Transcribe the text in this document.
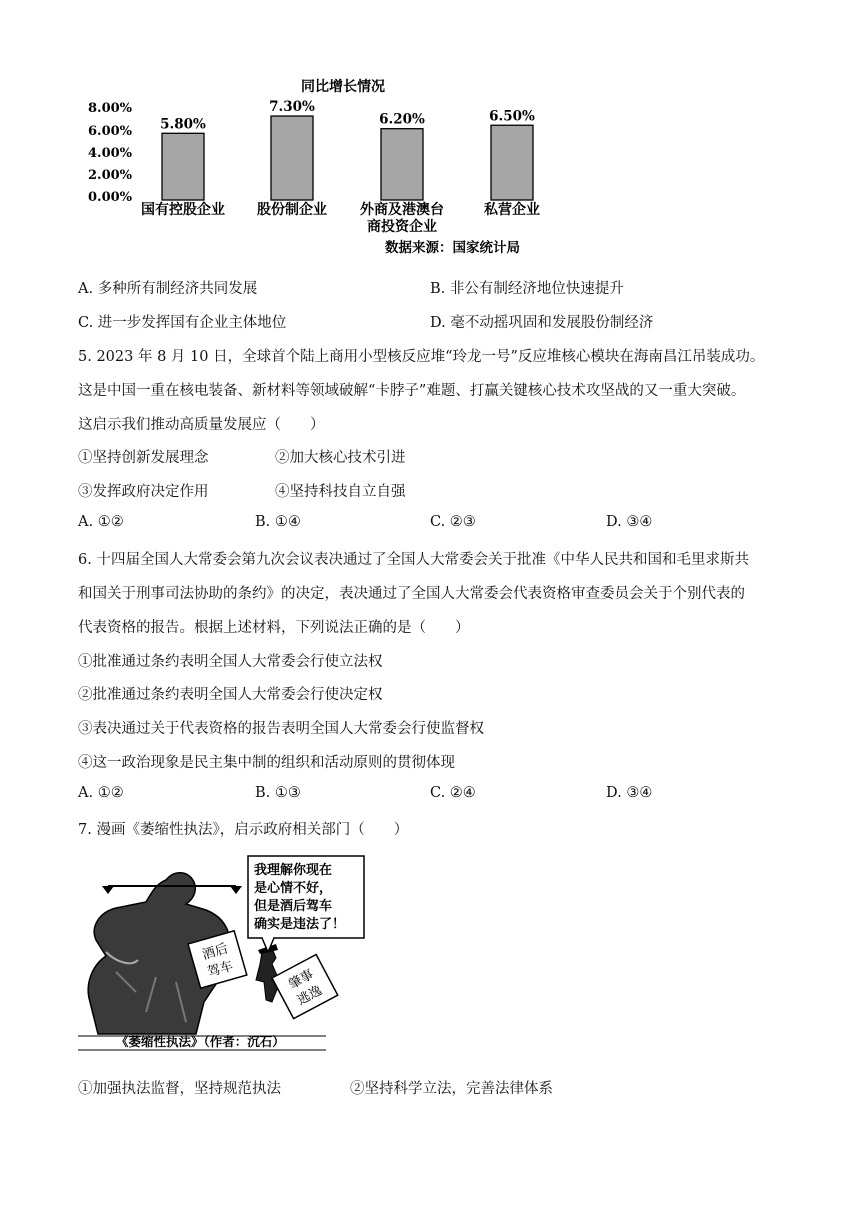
同比增长情况
8.00%
6.00%
4.00%
2.00%
0.00%
5.80%
7.30%
6.20%	6.50%
国有控股企业 股份制企业 外商及港澳台
商投资企业
私营企业
数据来源：国家统计局
A. 多种所有制经济共同发展	B. 非公有制经济地位快速提升
C. 进一步发挥国有企业主体地位	D. 毫不动摇巩固和发展股份制经济
5. 2023 年 8 月 10 日，全球首个陆上商用小型核反应堆“玲龙一号”反应堆核心模块在海南昌江吊装成功。
这是中国一重在核电装备、新材料等领域破解“卡脖子”难题、打赢关键核心技术攻坚战的又一重大突破。
这启示我们推动高质量发展应（　　）
①坚持创新发展理念	②加大核心技术引进
③发挥政府决定作用	④坚持科技自立自强
A. ①②	B. ①④	C. ②③	D. ③④
6. 十四届全国人大常委会第九次会议表决通过了全国人大常委会关于批准《中华人民共和国和毛里求斯共
和国关于刑事司法协助的条约》的决定，表决通过了全国人大常委会代表资格审查委员会关于个别代表的
代表资格的报告。根据上述材料，下列说法正确的是（　　）
①批准通过条约表明全国人大常委会行使立法权
②批准通过条约表明全国人大常委会行使决定权
③表决通过关于代表资格的报告表明全国人大常委会行使监督权
④这一政治现象是民主集中制的组织和活动原则的贯彻体现
A. ①②	B. ①③	C. ②④	D. ③④
7. 漫画《萎缩性执法》，启示政府相关部门（　　）
酒后
驾车	肇事
逃逸
我理解你现在
是心情不好，
但是酒后驾车
确实是违法了！
《萎缩性执法》（作者：沉石）
①加强执法监督，坚持规范执法	②坚持科学立法，完善法律体系
